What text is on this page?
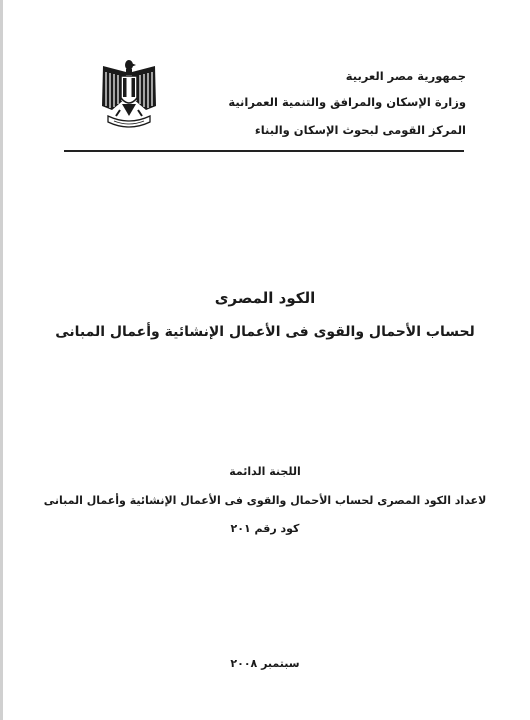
جمهورية مصر العربية
وزارة الإسكان والمرافق والتنمية العمرانية
المركز القومى لبحوث الإسكان والبناء
الكود المصرى
لحساب الأحمال والقوى فى الأعمال الإنشائية وأعمال المبانى
اللجنة الدائمة
لاعداد الكود المصرى لحساب الأحمال والقوى فى الأعمال الإنشائية وأعمال المبانى
كود رقم ٢٠١
سبتمبر ٢٠٠٨
